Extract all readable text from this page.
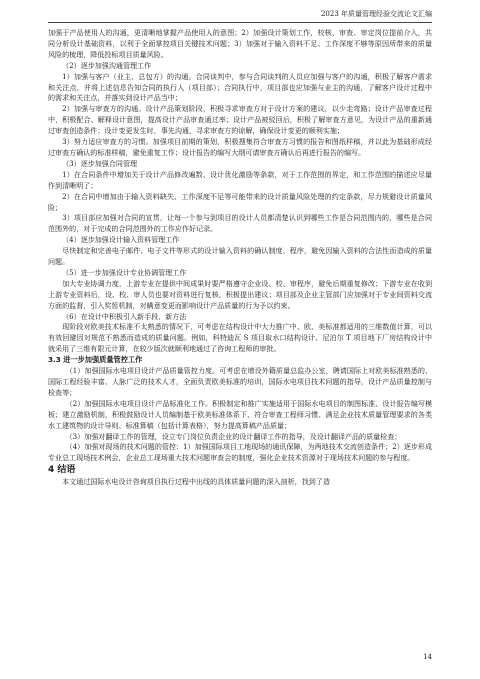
2023 年质量管理经验交流论文汇编

加强于产品使用人的沟通，更清晰地掌握产品使用人的意图；2）加强设计策划工作，校核、审查、审定岗位提前介入，共同分析设计基础资料，以利于全面掌控项目关键技术问题；3）加强对于输入资料不足、工作深度不够等原因所带来的质量风险的梳理，降低投标项目质量风险。

（2）逐步加强沟通管理工作

1）加强与客户（业主、总包方）的沟通。合同谈判中，参与合同谈判的人员应加强与客户的沟通，积极了解客户需求和关注点，并将上述信息告知合同的执行人（项目部）；合同执行中，项目部也应加强与业主的沟通，了解客户设计过程中的需求和关注点，并落实到设计产品当中；

2）加强与审查方的沟通。设计产品策划阶段，积极寻求审查方对于设计方案的建议，以少走弯路；设计产品审查过程中，积极配合、解释设计意图，提高设计产品审查通过率；设计产品被驳回后，积极了解审查方意见，为设计产品的重新通过审查创造条件；设计变更发生时，事先沟通，寻求审查方的谅解，确保设计变更的顺利实施；

3）努力适应审查方的习惯。加强项目前期的策划，积极搜集符合审查方习惯的报告和图纸样稿，并以此为基础形成经过审查方确认的标准样稿，避免重复工作；设计报告的编写大纲可请审查方确认后再进行报告的编写。

（3）逐步加强合同管理

1）在合同条件中增加关于设计产品修改遍数、设计优化激励等条款，对于工作范围的界定，和工作范围的描述应尽量作到清晰明了；

2）在合同中增加由于输入资料缺失、工作深度不足等可能带来的设计质量风险处理的约定条款，尽力规避设计质量风险；

3）项目部应加强对合同的宣贯，让每一个参与到项目的设计人员都清楚认识到哪些工作是合同范围内的，哪些是合同范围外的，对于完成的合同范围外的工作应作好记录。

（4）逐步加强设计输入资料管理工作

尽快制定和完善电子邮件、电子文件等形式的设计输入资料的确认制度、程序，避免因输入资料的合法性而造成的质量问题。

（5）进一步加强设计专业协调管理工作

加大专业协调力度，上游专业在提供中间成果时要严格遵守企业设、校、审程序，避免后期重复修改；下游专业在收到上游专业资料后，设、校、审人员也要对资料进行复核，积极提出建议；项目部及企业主管部门应加强对于专业间资料交流方面的监督，引入奖惩机制，对瞒意变更而影响设计产品质量的行为予以约束。

（6）在设计中积极引入新手段、新方法

现阶段对欧美技术标准不太熟悉的情况下，可考虑在结构设计中大力推广中、欧、美标准都适用的三维数值计算，可以有效回避因对规范不熟悉而造成的质量问题。例如，科特迪瓦 S 项目取水口结构设计、尼泊尔 T 项目地下厂房结构设计中就采用了三维有限元计算，在较少版次就顺利地通过了咨询工程师的审批。

3.3 进一步加强质量管控工作

（1）加强国际水电项目设计产品质量管控力度。可考虑在增设外籍质量总监办公室，聘请国际上对欧美标准熟悉的、国际工程经验丰富、人脉广泛的技术人才，全面负责欧美标准的培训，国际水电项目技术问题的指导，设计产品质量控制与检查等；

（2）加强国际水电项目设计产品标准化工作。积极制定和推广实施适用于国际水电项目的制图标准、设计报告编写模板；建立激励机制，积极鼓励设计人员编制基于欧美标准体系下、符合审查工程师习惯、满足企业技术质量管理要求的各类水工建筑物的设计导则、标准算稿（包括计算表格），努力提高算稿产品质量；

（3）加强对翻译工作的管理，设立专门岗位负责企业的设计翻译工作的指导，及设计翻译产品的质量检查；

（4）加强对现场的技术问题的管控：1）加强国际项目工地现场的通讯保障，为两地技术交流创造条件；2）逐步形成专业总工现场技术例会，企业总工现场重大技术问题审查会的制度，强化企业技术资源对于现场技术问题的参与程度。

4 结语

本文通过国际水电设计咨询项目执行过程中出线的具体质量问题的深入剖析，找到了造

14
